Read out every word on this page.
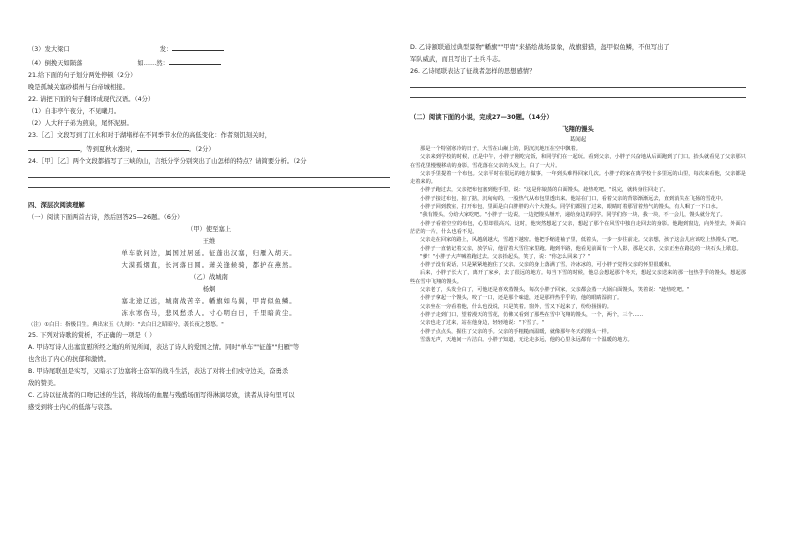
（3）发大梁口	发：
（4）倒挽天如陨落	如……然：
21.给下面的句子划分两处停顿（2分）
晚是孤城关塞砂棋州与白帝城相接。
22. 请把下面的句子翻译成现代汉语。（4分）
（1）自非亭午夜分，不见曦月。
（2）人大秆子弟为煎泉，尾怀泥厨。
23.［乙］文段写到了江水和对于湖堵样在不同季节水位的高低变化：作者刻饥刻关时，
，等到夏秋水涨时，	。（2分）
24.［甲］［乙］两个文段都描写了三峡的山，言纸分学分别突出了山怎样的特点？请简要分析。（2分
四、深层次阅读理解
（一）阅读下面两首古诗，然后回答25—26题。（6分）
（甲）使至塞上
王维
单车欲问边，属国过居延。征蓬出汉塞，归雁入胡天。
大漠孤烟直，长河落日圆。萧关逢候骑，都护在燕然。
（乙）战城南
杨炯
塞北途辽远，城南战苦辛。幡旗如鸟翼，甲胄似鱼鳞。
冻水寒伤马，悲风愁杀人。寸心明白日，千里暗黄尘。
（注）①白日：指极目生。典出宋玉《九辩》："去白日之昭昭兮，袭长夜之悠悠。"
25. 下列对诗歌的赏析，不正确的一项是（ ）
A. 甲诗写诗人出塞宣慰所经之地的所见所闻，表达了诗人的爱国之情。同时"单车""征蓬""归雁"等
也含出了内心的抗郁和激愤。
B. 甲诗尾联虽是实写，又暗示了边塞将士奋军的战斗生活，表达了对将士们戍守边关，奋勇杀
敌的赞美。
C. 乙诗以征战者的口吻记述的生活，将战场的血腥与残酷场面写得淋漓尽致，读者从诗句里可以
感受到将士内心的低落与哀怨。
D. 乙诗颔联通过典型景物"幡旗""甲胄"来描绘战场景象，战旗猎猎，盔甲似鱼鳞，不但写出了
军队威武，而且写出了士兵斗志。
26. 乙诗尾联表达了征战者怎样的思想感情？
（二）阅读下面的小说，完成27—30题。（14分）
飞翔的馒头
葛闻起

那是一个特别寒冷的日子，大雪在山巅上的，阴沉沉地压在空中飘着。

父亲来到学校的时候，正是中午，小胖子刚吃完饭，和同学们在一起玩。看到父亲，小胖子兴奋地从后面跑到了门口。抬头就看见了父亲那只在雪花里慢慢移动的身影，雪花落在父亲的头发上，白了一大片。

父亲手里提着一个布包。父亲平时在很远的地方做事，一年到头难得回家几次。小胖子的家在离学校十多里远的山里，每次来看他，父亲都是走着来的。

小胖子跑过去，父亲把布包塞到他手里，说："这是你娘蒸的白面馒头，趁热吃吧。"说完，就转身往回走了。

小胖子接过布包，掂了掂，沉甸甸的，一股热气从布包里透出来。他站在门口，看着父亲的背影渐渐远去，直到消失在飞扬的雪花中。

小胖子回到教室，打开布包，里面是白白胖胖的六个大馒头。同学们都围了过来，眼睛盯着那冒着热气的馒头，有人咽了一下口水。

"我有馒头，分给大家吃吧。"小胖子一边说，一边把馒头掰开，递给身边的同学。同学们你一块，我一块，不一会儿，馒头就分光了。

小胖子看着空空的布包，心里却很高兴。这时，他突然想起了父亲，想起了那个在风雪中独自走回去的身影。他跑到窗边，向外望去，外面白茫茫的一片，什么也看不见。

父亲走在回家的路上，风越刮越大，雪越下越密。他把手缩进袖子里，低着头，一步一步往前走。父亲想，孩子这会儿应该吃上热馒头了吧。

小胖子一直惦记着父亲，放学后，他冒着大雪往家里跑。跑到半路，他看见前面有一个人影，那是父亲，父亲正坐在路边的一块石头上歇息。

"爹！"小胖子大声喊着跑过去。父亲抬起头，笑了，说："你怎么回来了？"

小胖子没有说话，只是紧紧地抱住了父亲。父亲的身上落满了雪，冷冰冰的，可小胖子觉得父亲的怀里很暖和。

后来，小胖子长大了，离开了家乡，去了很远的地方。每当下雪的时候，他总会想起那个冬天，想起父亲送来的那一包热乎乎的馒头，想起那些在雪中飞翔的馒头。

父亲老了，头发全白了，可他还是喜欢蒸馒头，每次小胖子回家，父亲都会蒸一大锅白面馒头，笑着说："趁热吃吧。"

小胖子拿起一个馒头，咬了一口，还是那个味道，还是那样热乎乎的，他的眼睛湿润了。

父亲坐在一旁看着他，什么也没说，只是笑着。窗外，雪又下起来了，纷纷扬扬的。

小胖子走到门口，望着漫天的雪花，仿佛又看到了那些在雪中飞翔的馒头，一个，两个，三个……

父亲也走了过来，站在他身边，轻轻地说："下雪了。"

小胖子点点头，握住了父亲的手。父亲的手粗糙而温暖，就像那年冬天的馒头一样。

雪落无声，天地间一片洁白。小胖子知道，无论走多远，他的心里永远都有一个温暖的地方。
